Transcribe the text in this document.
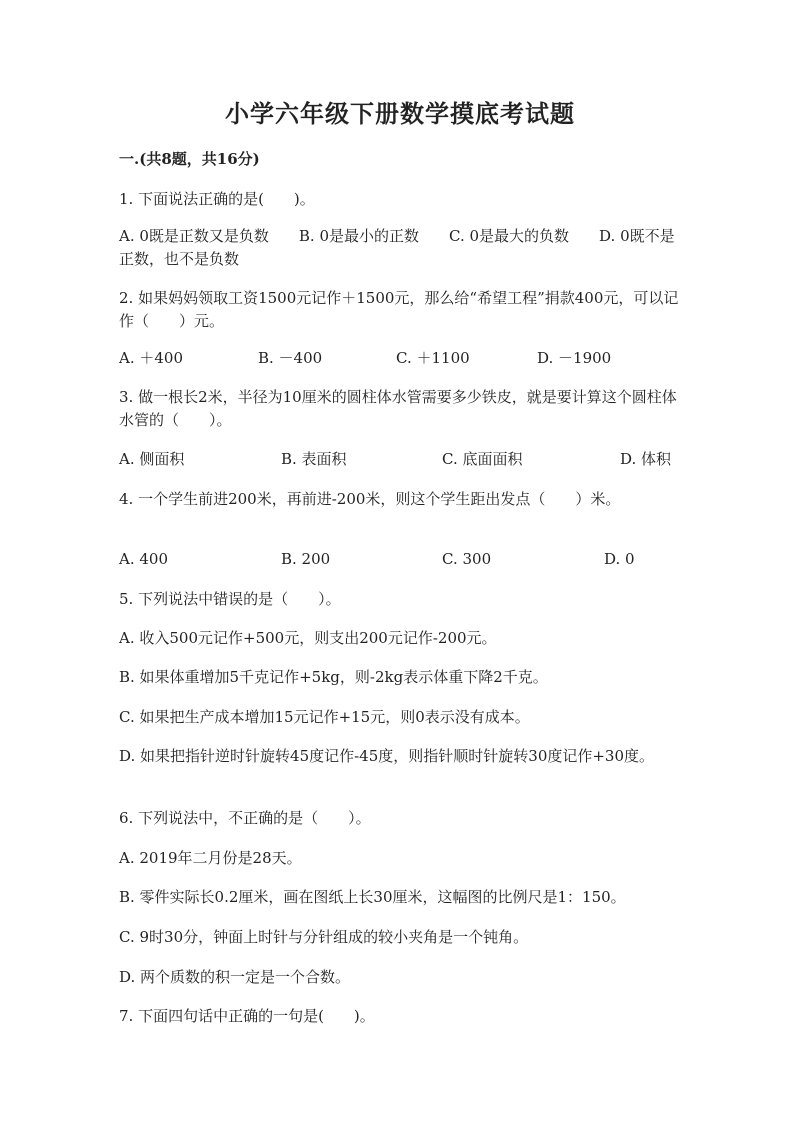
小学六年级下册数学摸底考试题
一.(共8题，共16分)
1. 下面说法正确的是(　　)。
A. 0既是正数又是负数　　B. 0是最小的正数　　C. 0是最大的负数　　D. 0既不是正数，也不是负数
2. 如果妈妈领取工资1500元记作＋1500元，那么给“希望工程”捐款400元，可以记作（　　）元。
A. ＋400	B. －400	C. ＋1100	D. －1900
3. 做一根长2米，半径为10厘米的圆柱体水管需要多少铁皮，就是要计算这个圆柱体水管的（　　）。
A. 侧面积	B. 表面积	C. 底面面积	D. 体积
4. 一个学生前进200米，再前进-200米，则这个学生距出发点（　　）米。
A. 400	B. 200	C. 300	D. 0
5. 下列说法中错误的是（　　）。
A. 收入500元记作+500元，则支出200元记作-200元。
B. 如果体重增加5千克记作+5kg，则-2kg表示体重下降2千克。
C. 如果把生产成本增加15元记作+15元，则0表示没有成本。
D. 如果把指针逆时针旋转45度记作-45度，则指针顺时针旋转30度记作+30度。
6. 下列说法中，不正确的是（　　）。
A. 2019年二月份是28天。
B. 零件实际长0.2厘米，画在图纸上长30厘米，这幅图的比例尺是1：150。
C. 9时30分，钟面上时针与分针组成的较小夹角是一个钝角。
D. 两个质数的积一定是一个合数。
7. 下面四句话中正确的一句是(　　)。
